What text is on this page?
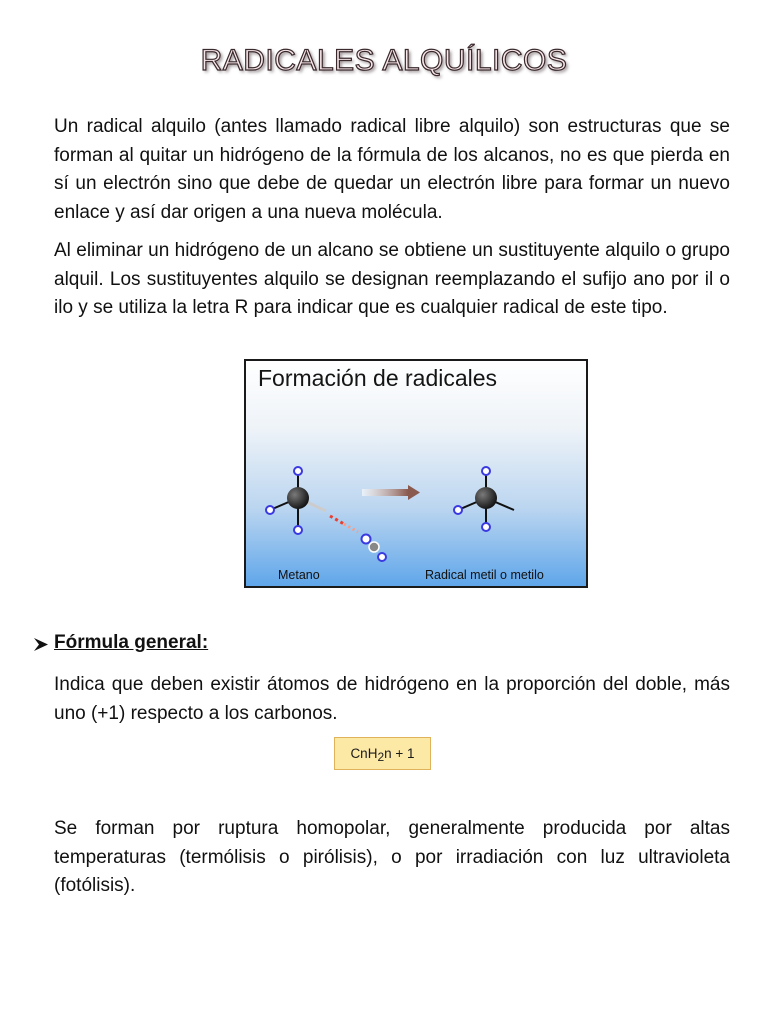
RADICALES ALQUÍLICOS

Un radical alquilo (antes llamado radical libre alquilo) son estructuras que se forman al quitar un hidrógeno de la fórmula de los alcanos, no es que pierda en sí un electrón sino que debe de quedar un electrón libre para formar un nuevo enlace y así dar origen a una nueva molécula.

Al eliminar un hidrógeno de un alcano se obtiene un sustituyente alquilo o grupo alquil. Los sustituyentes alquilo se designan reemplazando el sufijo ano por il o ilo y se utiliza la letra R para indicar que es cualquier radical de este tipo.

Formación de radicales
Metano	Radical metil o metilo
Fórmula general:

Indica que deben existir átomos de hidrógeno en la proporción del doble, más uno (+1) respecto a los carbonos.

CnH2n + 1

Se forman por ruptura homopolar, generalmente producida por altas temperaturas (termólisis o pirólisis), o por irradiación con luz ultravioleta (fotólisis).
